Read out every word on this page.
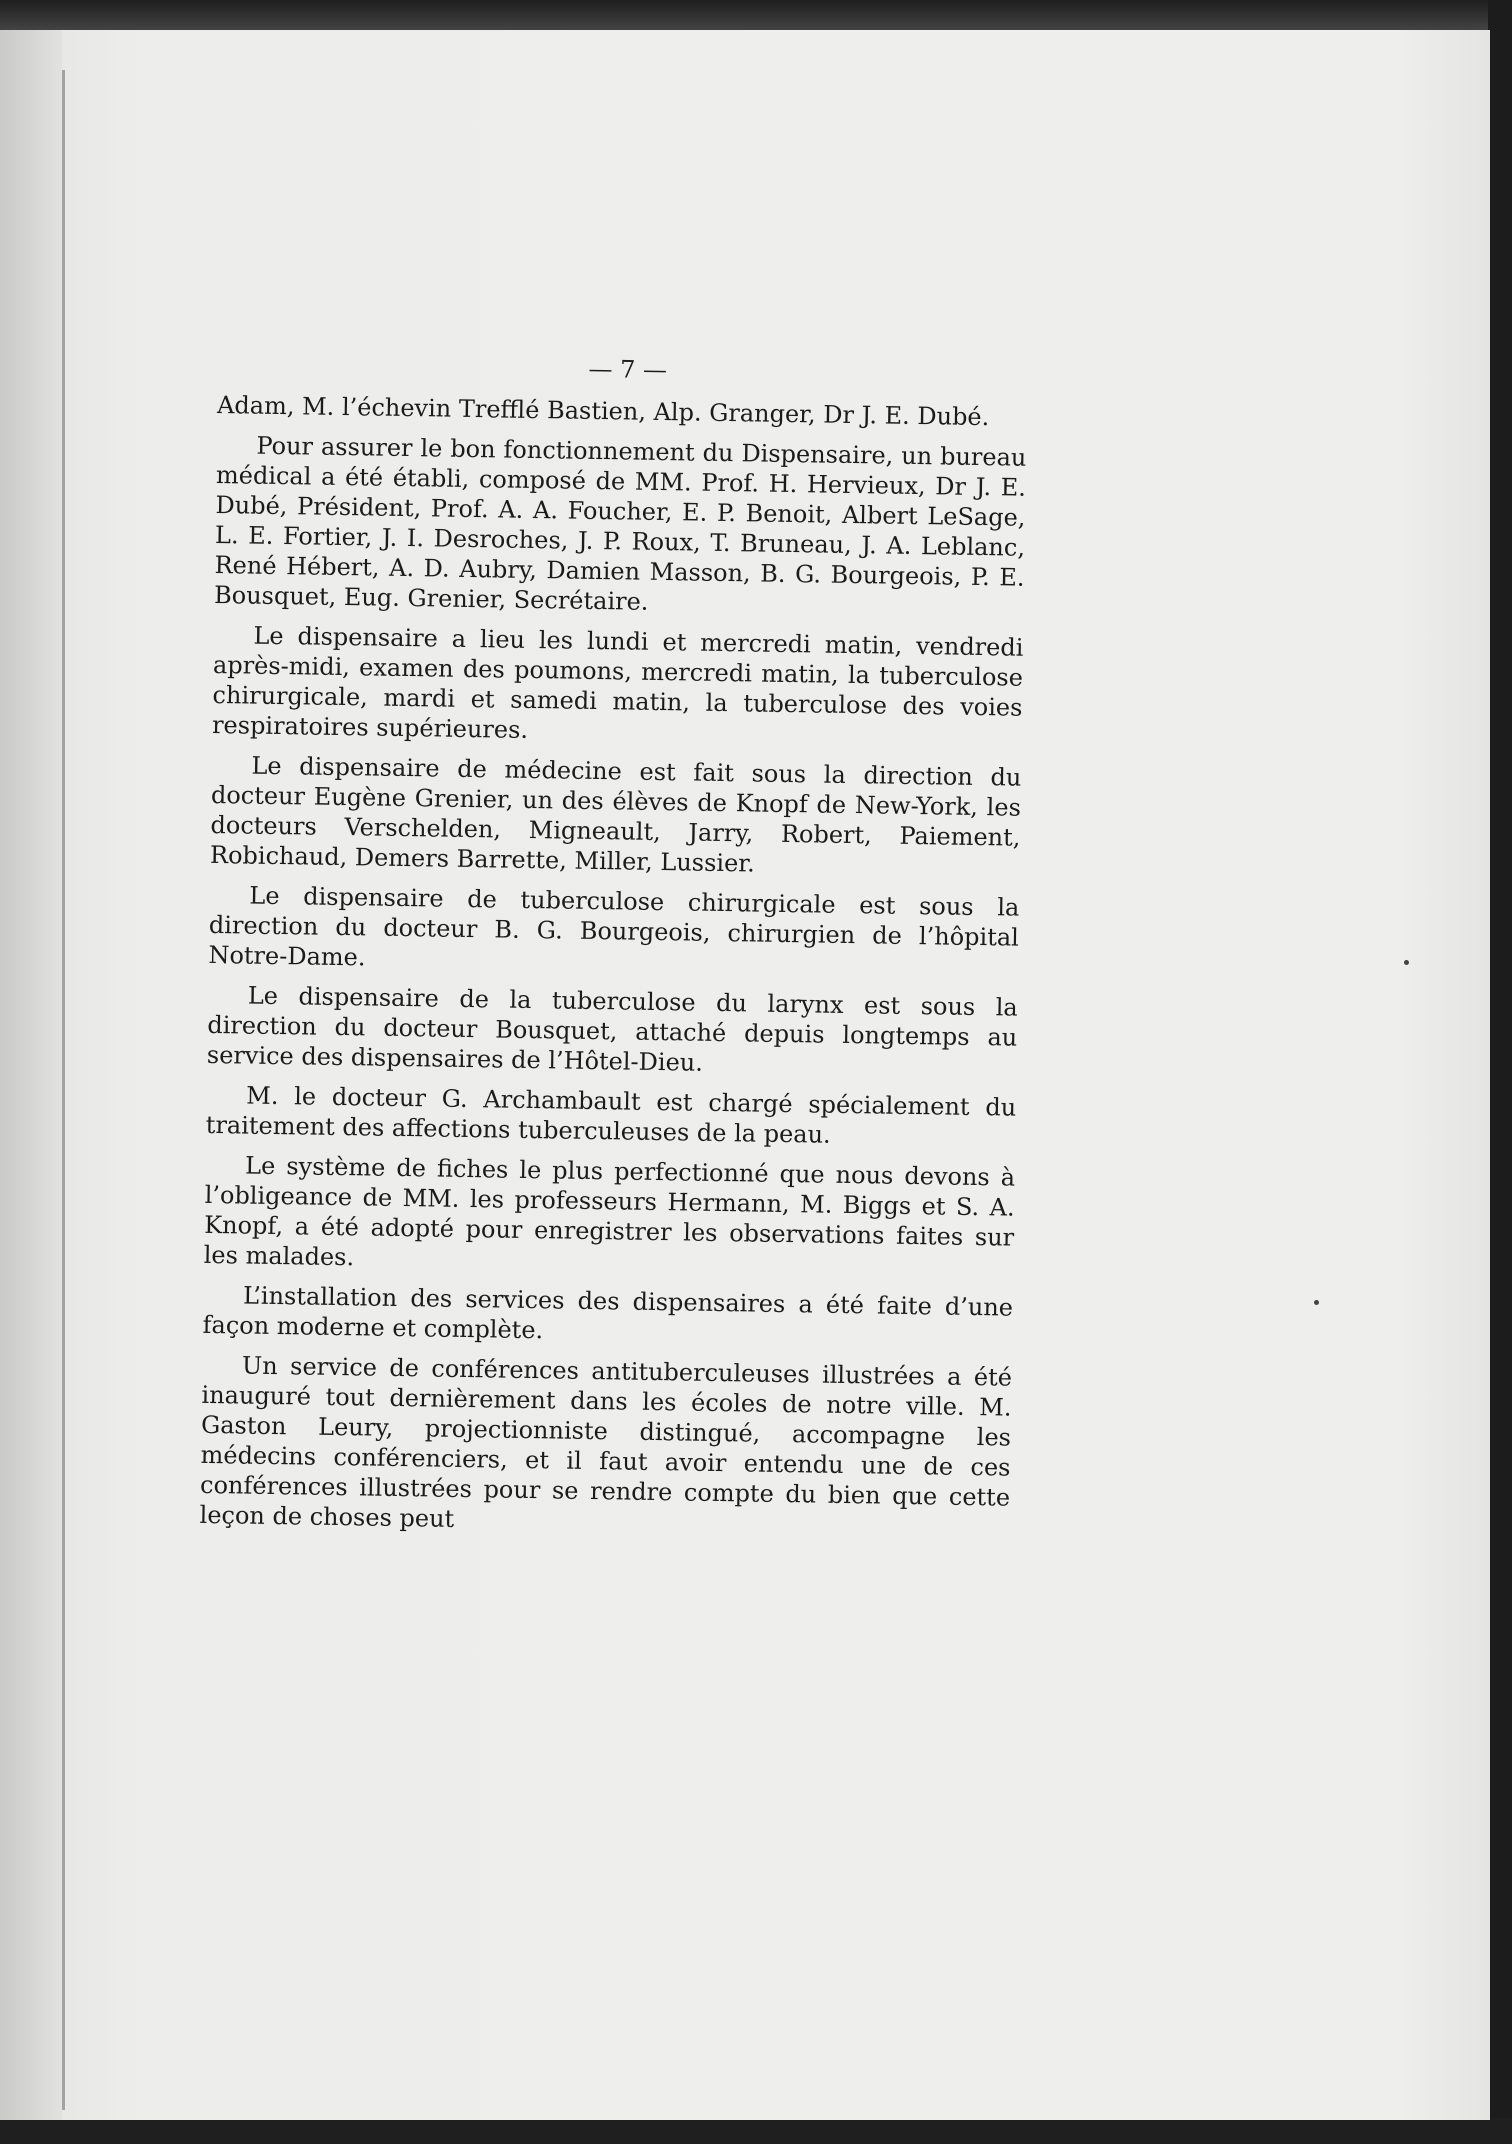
— 7 —

Adam, M. l’échevin Trefflé Bastien, Alp. Granger, Dr J. E. Dubé.

Pour assurer le bon fonctionnement du Dispensaire, un bureau médical a été établi, composé de MM. Prof. H. Hervieux, Dr J. E. Dubé, Président, Prof. A. A. Foucher, E. P. Benoit, Albert LeSage, L. E. Fortier, J. I. Desroches, J. P. Roux, T. Bruneau, J. A. Leblanc, René Hébert, A. D. Aubry, Damien Masson, B. G. Bourgeois, P. E. Bousquet, Eug. Grenier, Secrétaire.

Le dispensaire a lieu les lundi et mercredi matin, vendredi après-midi, examen des poumons, mercredi matin, la tuberculose chirurgicale, mardi et samedi matin, la tuberculose des voies respiratoires supérieures.

Le dispensaire de médecine est fait sous la direction du docteur Eugène Grenier, un des élèves de Knopf de New-York, les docteurs Verschelden, Migneault, Jarry, Robert, Paiement, Robichaud, Demers Barrette, Miller, Lussier.

Le dispensaire de tuberculose chirurgicale est sous la direction du docteur B. G. Bourgeois, chirurgien de l’hôpital Notre-Dame.

Le dispensaire de la tuberculose du larynx est sous la direction du docteur Bousquet, attaché depuis longtemps au service des dispensaires de l’Hôtel-Dieu.

M. le docteur G. Archambault est chargé spécialement du traitement des affections tuberculeuses de la peau.

Le système de fiches le plus perfectionné que nous devons à l’obligeance de MM. les professeurs Hermann, M. Biggs et S. A. Knopf, a été adopté pour enregistrer les observations faites sur les malades.

L’installation des services des dispensaires a été faite d’une façon moderne et complète.

Un service de conférences antituberculeuses illustrées a été inauguré tout dernièrement dans les écoles de notre ville. M. Gaston Leury, projectionniste distingué, accompagne les médecins conférenciers, et il faut avoir entendu une de ces conférences illustrées pour se rendre compte du bien que cette leçon de choses peut
